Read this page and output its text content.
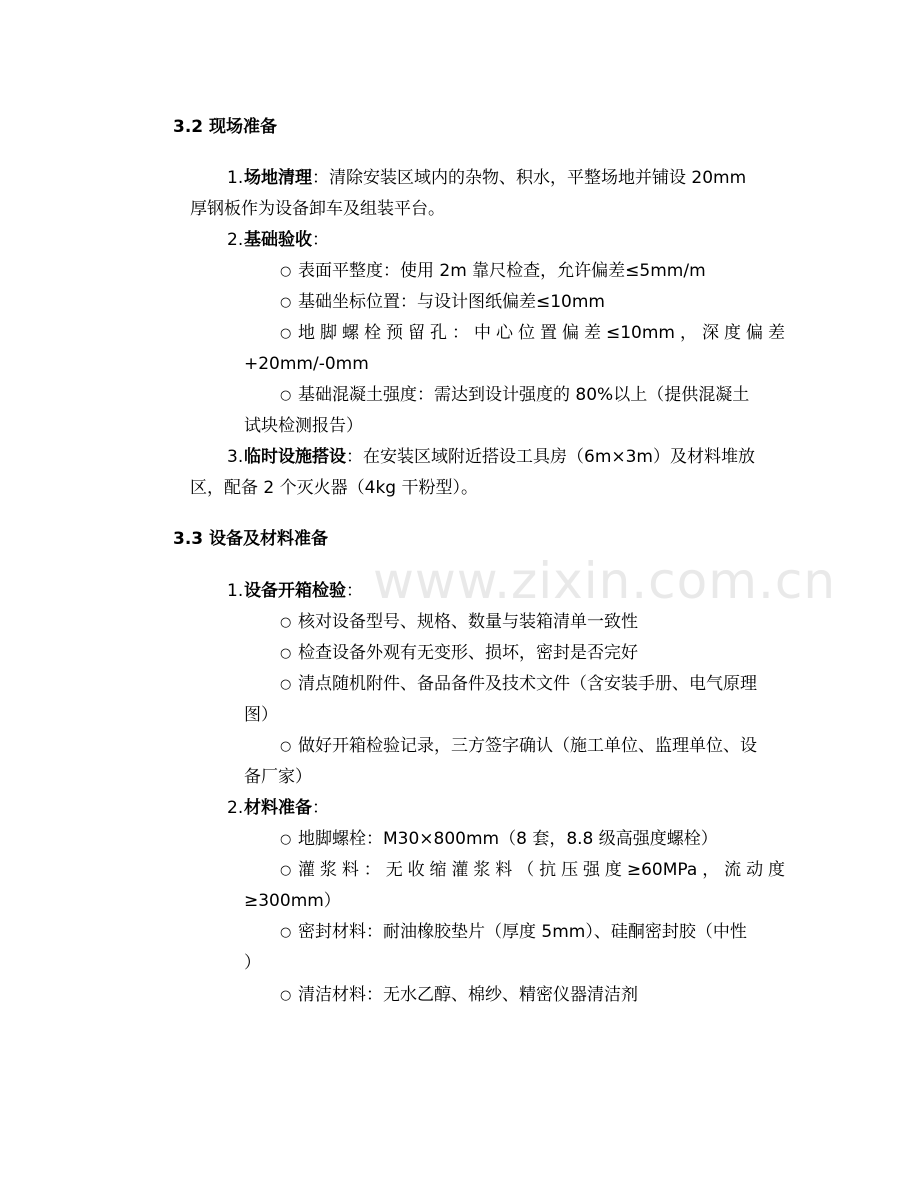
www.zixin.com.cn
3.2 现场准备
1. 场地清理：清除安装区域内的杂物、积水，平整场地并铺设 20mm
厚钢板作为设备卸车及组装平台。
2. 基础验收：
○ 表面平整度：使用 2m 靠尺检查，允许偏差≤5mm/m
○ 基础坐标位置：与设计图纸偏差≤10mm
○ 地脚螺栓预留孔：中心位置偏差≤10mm，深度偏差
+20mm/-0mm
○ 基础混凝土强度：需达到设计强度的 80%以上（提供混凝土
试块检测报告）
3. 临时设施搭设：在安装区域附近搭设工具房（6m×3m）及材料堆放
区，配备 2 个灭火器（4kg 干粉型）。
3.3 设备及材料准备
1. 设备开箱检验：
○ 核对设备型号、规格、数量与装箱清单一致性
○ 检查设备外观有无变形、损坏，密封是否完好
○ 清点随机附件、备品备件及技术文件（含安装手册、电气原理
图）
○ 做好开箱检验记录，三方签字确认（施工单位、监理单位、设
备厂家）
2. 材料准备：
○ 地脚螺栓：M30×800mm（8 套，8.8 级高强度螺栓）
○ 灌浆料：无收缩灌浆料（抗压强度≥60MPa，流动度
≥300mm）
○ 密封材料：耐油橡胶垫片（厚度 5mm）、硅酮密封胶（中性
）
○ 清洁材料：无水乙醇、棉纱、精密仪器清洁剂
